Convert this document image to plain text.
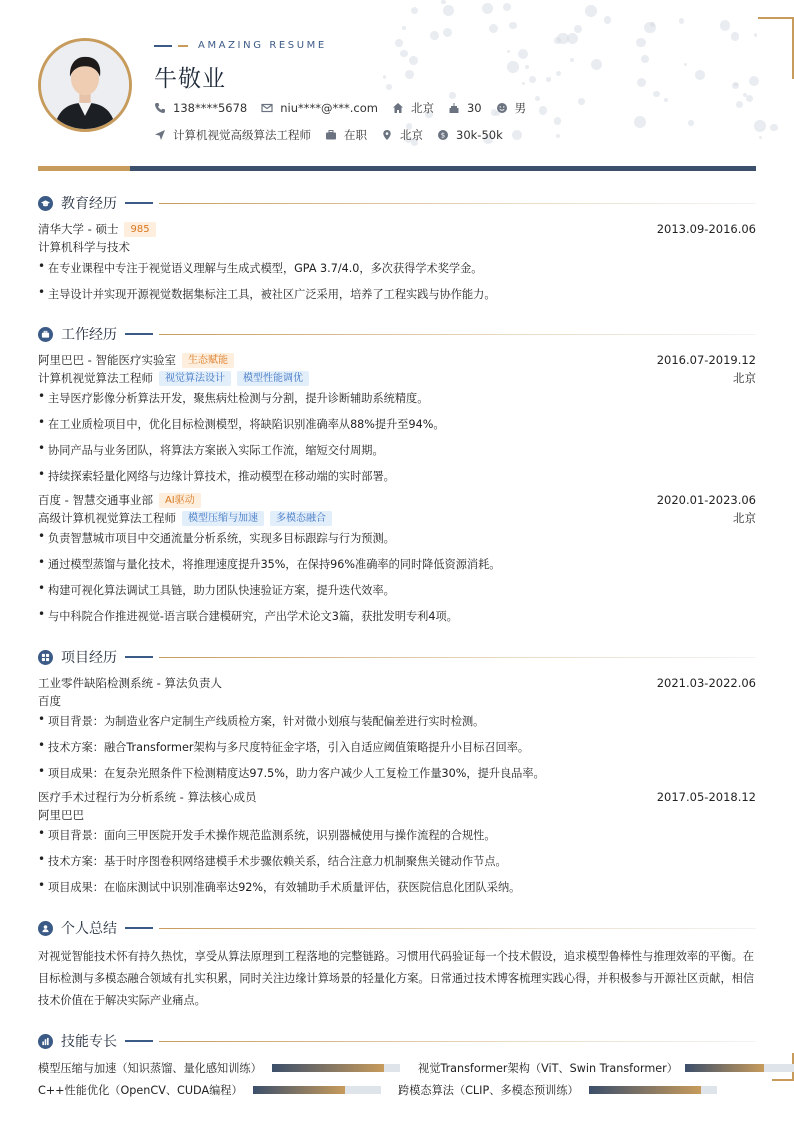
AMAZING RESUME
牛敬业
138****5678	niu****@***.com	北京	30	男
计算机视觉高级算法工程师	在职	北京	$ 30k-50k
教育经历
清华大学 - 硕士	985	2013.09-2016.06
计算机科学与技术
• 在专业课程中专注于视觉语义理解与生成式模型，GPA 3.7/4.0，多次获得学术奖学金。
• 主导设计并实现开源视觉数据集标注工具，被社区广泛采用，培养了工程实践与协作能力。
工作经历
阿里巴巴 - 智能医疗实验室	生态赋能	2016.07-2019.12
计算机视觉算法工程师	视觉算法设计	模型性能调优	北京
• 主导医疗影像分析算法开发，聚焦病灶检测与分割，提升诊断辅助系统精度。
• 在工业质检项目中，优化目标检测模型，将缺陷识别准确率从88%提升至94%。
• 协同产品与业务团队，将算法方案嵌入实际工作流，缩短交付周期。
• 持续探索轻量化网络与边缘计算技术，推动模型在移动端的实时部署。
百度 - 智慧交通事业部	AI驱动	2020.01-2023.06
高级计算机视觉算法工程师	模型压缩与加速	多模态融合	北京
• 负责智慧城市项目中交通流量分析系统，实现多目标跟踪与行为预测。
• 通过模型蒸馏与量化技术，将推理速度提升35%，在保持96%准确率的同时降低资源消耗。
• 构建可视化算法调试工具链，助力团队快速验证方案，提升迭代效率。
• 与中科院合作推进视觉-语言联合建模研究，产出学术论文3篇，获批发明专利4项。
项目经历
工业零件缺陷检测系统 - 算法负责人	2021.03-2022.06
百度
• 项目背景：为制造业客户定制生产线质检方案，针对微小划痕与装配偏差进行实时检测。
• 技术方案：融合Transformer架构与多尺度特征金字塔，引入自适应阈值策略提升小目标召回率。
• 项目成果：在复杂光照条件下检测精度达97.5%，助力客户减少人工复检工作量30%，提升良品率。
医疗手术过程行为分析系统 - 算法核心成员	2017.05-2018.12
阿里巴巴
• 项目背景：面向三甲医院开发手术操作规范监测系统，识别器械使用与操作流程的合规性。
• 技术方案：基于时序图卷积网络建模手术步骤依赖关系，结合注意力机制聚焦关键动作节点。
• 项目成果：在临床测试中识别准确率达92%，有效辅助手术质量评估，获医院信息化团队采纳。
个人总结
对视觉智能技术怀有持久热忱，享受从算法原理到工程落地的完整链路。习惯用代码验证每一个技术假设，追求模型鲁棒性与推理效率的平衡。在目标检测与多模态融合领域有扎实积累，同时关注边缘计算场景的轻量化方案。日常通过技术博客梳理实践心得，并积极参与开源社区贡献，相信技术价值在于解决实际产业痛点。
技能专长
模型压缩与加速（知识蒸馏、量化感知训练）	视觉Transformer架构（ViT、Swin Transformer）
C++性能优化（OpenCV、CUDA编程）	跨模态算法（CLIP、多模态预训练）
